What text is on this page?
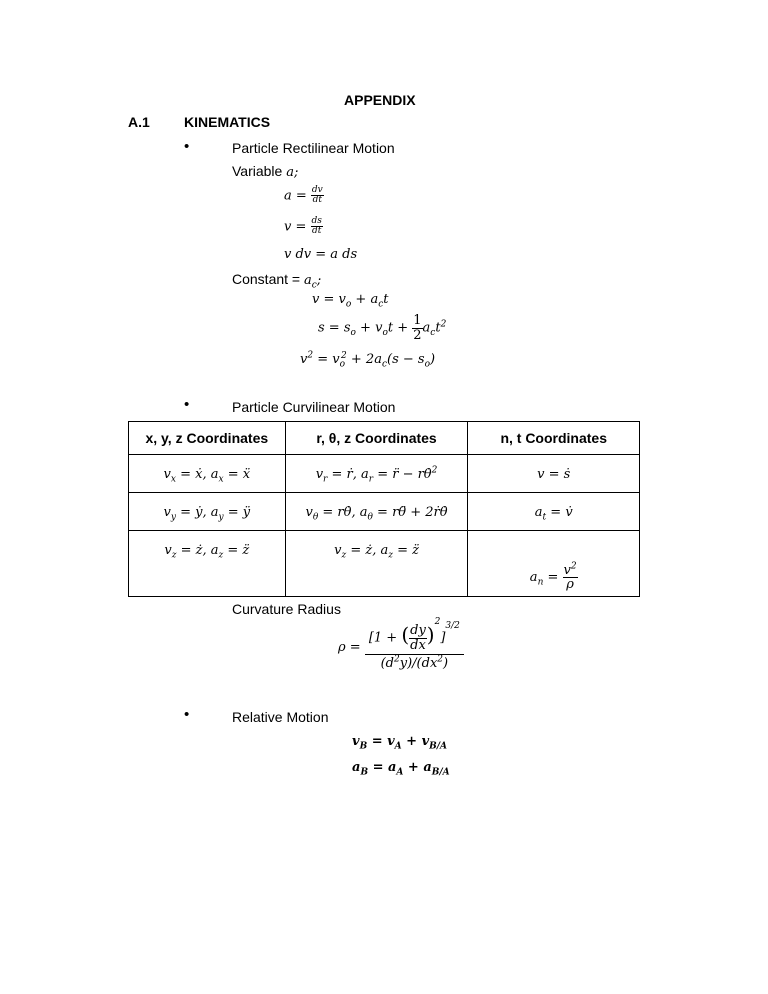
APPENDIX
A.1 KINEMATICS
•	Particle Rectilinear Motion
Variable a;
$a = \frac{dv}{dt}$
$v = \frac{ds}{dt}$
v dv = a ds
Constant = $a_c$;
$v = v_o + a_ct$
$s = s_o + v_ot + \frac{1}{2} a_ct^2$
$v^2 = v_o^2 + 2a_c(s - s_o)$
•	Particle Curvilinear Motion
x, y, z Coordinates	r, θ, z Coordinates	n, t Coordinates
$v_x$ = ẋ, $a_x$ = ẍ	$v_r$ = ṙ, $a_r$ = r̈ − rθ̇$^2$	v = ṡ
$v_y$ = ẏ, $a_y$ = ÿ	$v_\theta$ = rθ̇, $a_\theta$ = rθ̈ + 2ṙθ̇	$a_t$ = v̇
$v_z$ = ż, $a_z$ = z̈	$v_z$ = ż, $a_z$ = z̈	$a_n = \frac{v^2}{\rho}$
Curvature Radius
$\rho = \frac{[1 + ( \frac{dy}{dx} )^2]^{3/2}}{(d^2y)/(dx^2)}$
•	Relative Motion
$v_B = v_A + v_{B/A}$
$a_B = a_A + a_{B/A}$
